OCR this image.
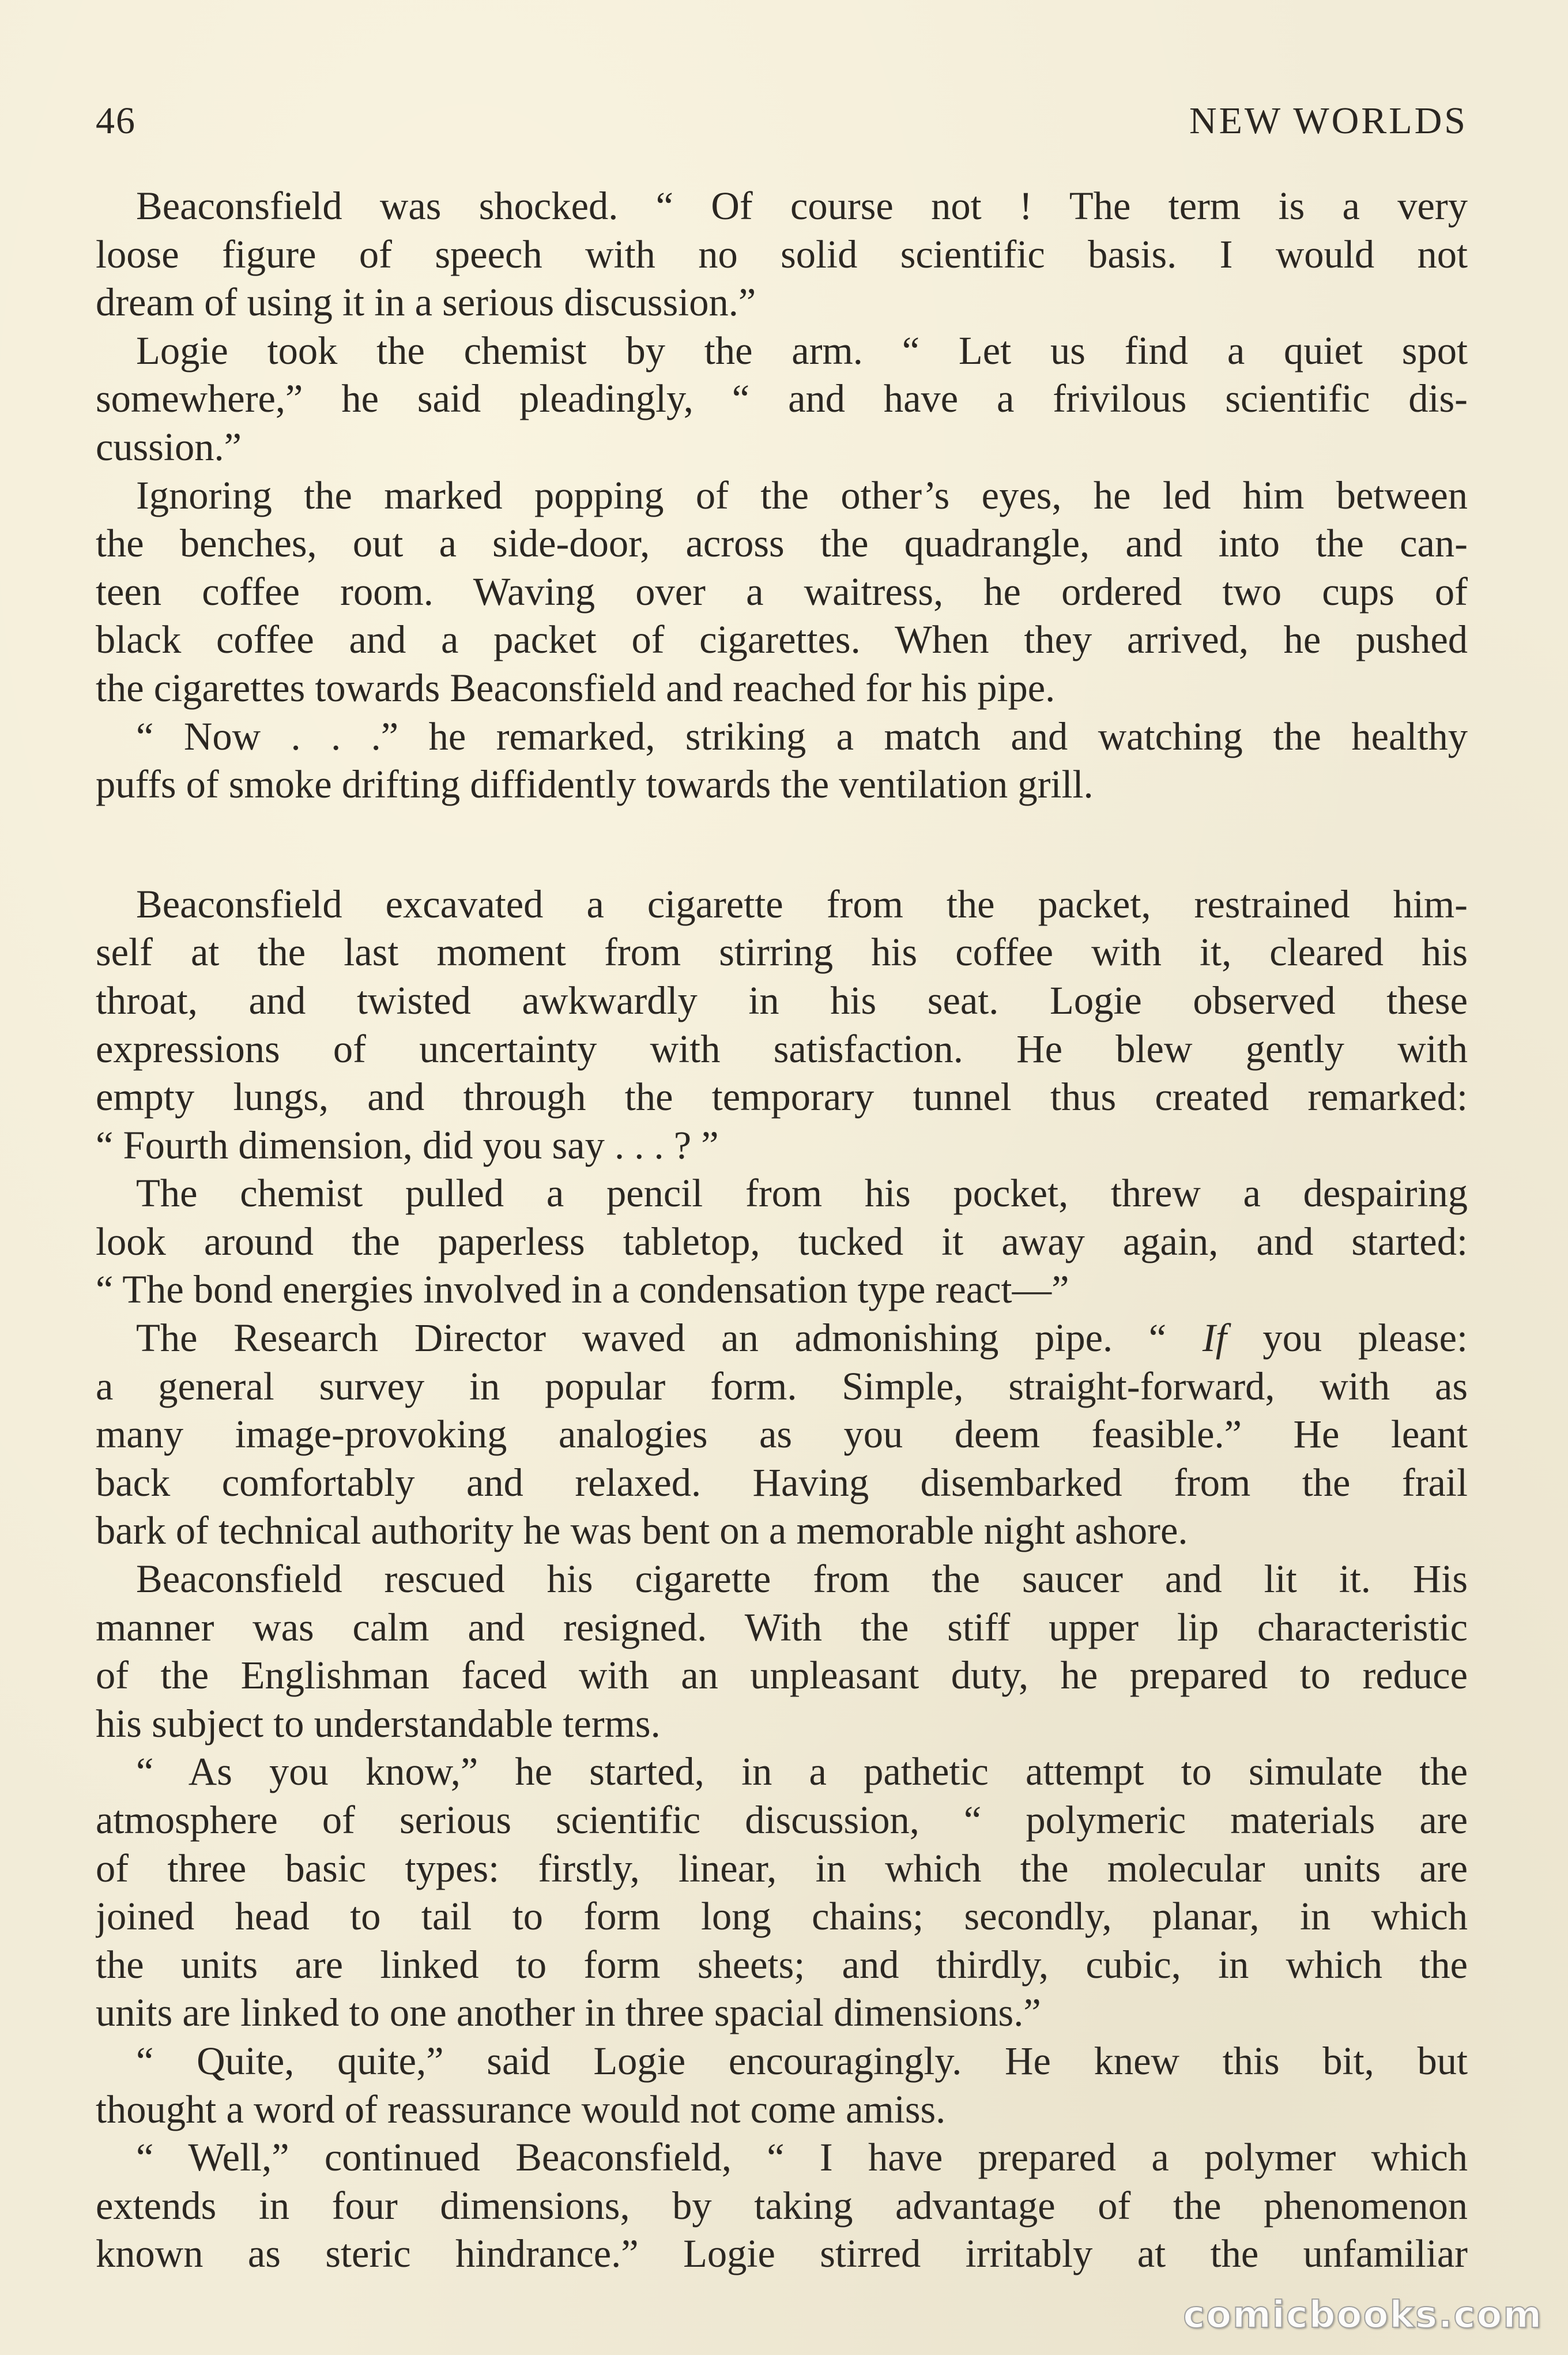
46	NEW WORLDS
Beaconsfield was shocked. “ Of course not ! The term is a very
loose figure of speech with no solid scientific basis. I would not
dream of using it in a serious discussion.”
Logie took the chemist by the arm. “ Let us find a quiet spot
somewhere,” he said pleadingly, “ and have a frivilous scientific dis-
cussion.”
Ignoring the marked popping of the other’s eyes, he led him between
the benches, out a side-door, across the quadrangle, and into the can-
teen coffee room. Waving over a waitress, he ordered two cups of
black coffee and a packet of cigarettes. When they arrived, he pushed
the cigarettes towards Beaconsfield and reached for his pipe.
“ Now . . .” he remarked, striking a match and watching the healthy
puffs of smoke drifting diffidently towards the ventilation grill.
Beaconsfield excavated a cigarette from the packet, restrained him-
self at the last moment from stirring his coffee with it, cleared his
throat, and twisted awkwardly in his seat. Logie observed these
expressions of uncertainty with satisfaction. He blew gently with
empty lungs, and through the temporary tunnel thus created remarked:
“ Fourth dimension, did you say . . . ? ”
The chemist pulled a pencil from his pocket, threw a despairing
look around the paperless tabletop, tucked it away again, and started:
“ The bond energies involved in a condensation type react—”
The Research Director waved an admonishing pipe. “ If you please:
a general survey in popular form. Simple, straight-forward, with as
many image-provoking analogies as you deem feasible.” He leant
back comfortably and relaxed. Having disembarked from the frail
bark of technical authority he was bent on a memorable night ashore.
Beaconsfield rescued his cigarette from the saucer and lit it. His
manner was calm and resigned. With the stiff upper lip characteristic
of the Englishman faced with an unpleasant duty, he prepared to reduce
his subject to understandable terms.
“ As you know,” he started, in a pathetic attempt to simulate the
atmosphere of serious scientific discussion, “ polymeric materials are
of three basic types: firstly, linear, in which the molecular units are
joined head to tail to form long chains; secondly, planar, in which
the units are linked to form sheets; and thirdly, cubic, in which the
units are linked to one another in three spacial dimensions.”
“ Quite, quite,” said Logie encouragingly. He knew this bit, but
thought a word of reassurance would not come amiss.
“ Well,” continued Beaconsfield, “ I have prepared a polymer which
extends in four dimensions, by taking advantage of the phenomenon
known as steric hindrance.” Logie stirred irritably at the unfamiliar
comicbooks.com
